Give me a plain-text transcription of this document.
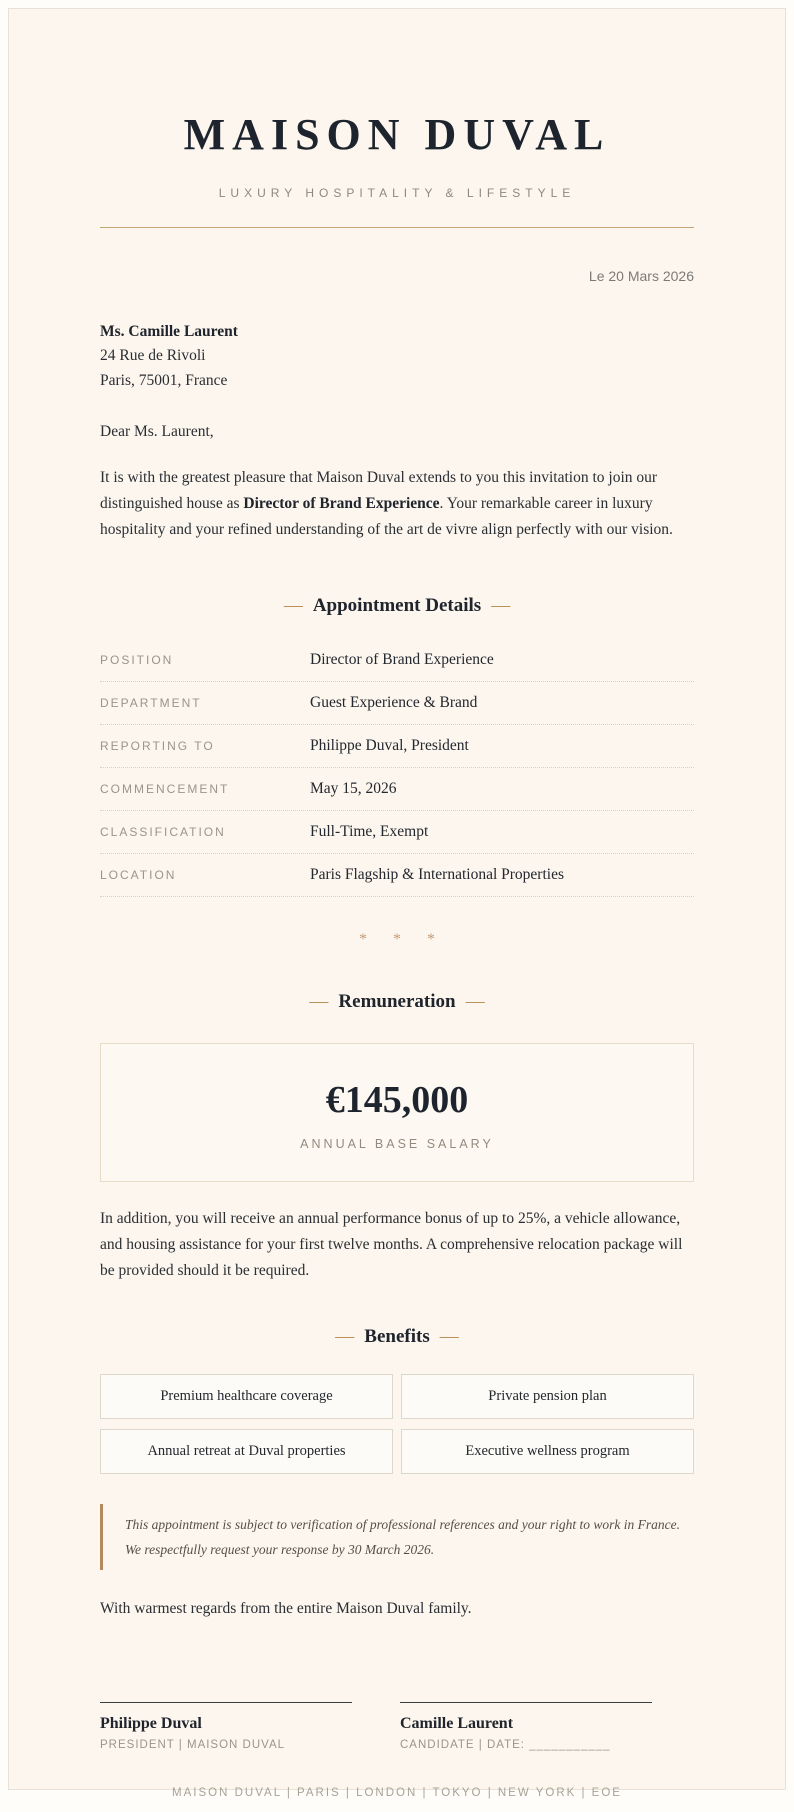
MAISON DUVAL
LUXURY HOSPITALITY & LIFESTYLE
Le 20 Mars 2026
Ms. Camille Laurent
24 Rue de Rivoli
Paris, 75001, France
Dear Ms. Laurent,

It is with the greatest pleasure that Maison Duval extends to you this invitation to join our distinguished house as Director of Brand Experience. Your remarkable career in luxury hospitality and your refined understanding of the art de vivre align perfectly with our vision.

— Appointment Details —
POSITION	Director of Brand Experience
DEPARTMENT	Guest Experience & Brand
REPORTING TO	Philippe Duval, President
COMMENCEMENT	May 15, 2026
CLASSIFICATION	Full-Time, Exempt
LOCATION	Paris Flagship & International Properties
* * *
— Remuneration —
€145,000
ANNUAL BASE SALARY

In addition, you will receive an annual performance bonus of up to 25%, a vehicle allowance, and housing assistance for your first twelve months. A comprehensive relocation package will be provided should it be required.

— Benefits —
Premium healthcare coverage	Private pension plan
Annual retreat at Duval properties	Executive wellness program
This appointment is subject to verification of professional references and your right to work in France. We respectfully request your response by 30 March 2026.
With warmest regards from the entire Maison Duval family.
Philippe Duval
PRESIDENT | MAISON DUVAL
Camille Laurent
CANDIDATE | DATE: ___________
MAISON DUVAL | PARIS | LONDON | TOKYO | NEW YORK | EOE
